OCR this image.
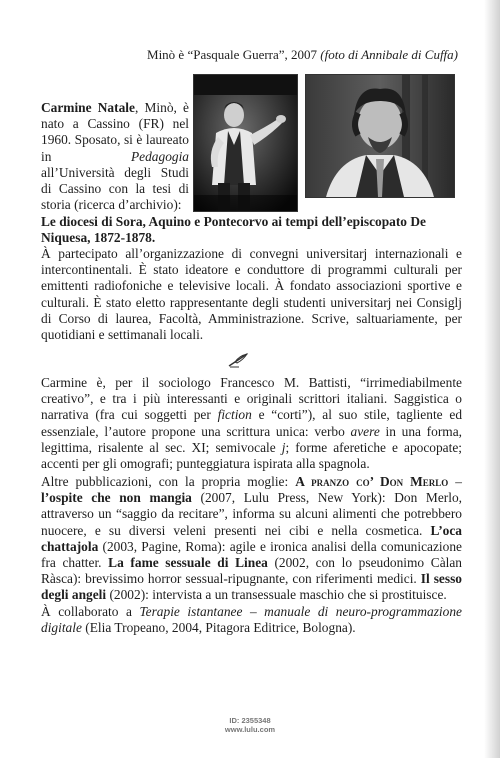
Minò è “Pasquale Guerra”, 2007 (foto di Annibale di Cuffa)
Carmine Natale, Minò, è nato a Cassino (FR) nel 1960. Sposato, si è laureato in Pedagogia all’Università degli Studi di Cassino con la tesi di storia (ricerca d’archivio):
Le diocesi di Sora, Aquino e Pontecorvo ai tempi dell’episcopato De Niquesa, 1872-1878.
À partecipato all’organizzazione di convegni universitarj internazionali e intercontinentali. È stato ideatore e conduttore di programmi culturali per emittenti radiofoniche e televisive locali. À fondato associazioni sportive e culturali. È stato eletto rappresentante degli studenti universitarj nei Consiglj di Corso di laurea, Facoltà, Amministrazione. Scrive, saltuariamente, per quotidiani e settimanali locali.
Carmine è, per il sociologo Francesco M. Battisti, “irrimediabilmente creativo”, e tra i più interessanti e originali scrittori italiani. Saggistica o narrativa (fra cui soggetti per fiction e “corti”), al suo stile, tagliente ed essenziale, l’autore propone una scrittura unica: verbo avere in una forma, legittima, risalente al sec. XI; semivocale j; forme aferetiche e apocopate; accenti per gli omografi; punteggiatura ispirata alla spagnola.
Altre pubblicazioni, con la propria moglie: A pranzo co’ Don Merlo – l’ospite che non mangia (2007, Lulu Press, New York): Don Merlo, attraverso un “saggio da recitare”, informa su alcuni alimenti che potrebbero nuocere, e su diversi veleni presenti nei cibi e nella cosmetica. L’oca chattajola (2003, Pagine, Roma): agile e ironica analisi della comunicazione fra chatter. La fame sessuale di Linea (2002, con lo pseudonimo Càlan Ràsca): brevissimo horror sessual-ripugnante, con riferimenti medici. Il sesso degli angeli (2002): intervista a un transessuale maschio che si prostituisce.
À collaborato a Terapie istantanee – manuale di neuro-programmazione digitale (Elia Tropeano, 2004, Pitagora Editrice, Bologna).
ID: 2355348
www.lulu.com
